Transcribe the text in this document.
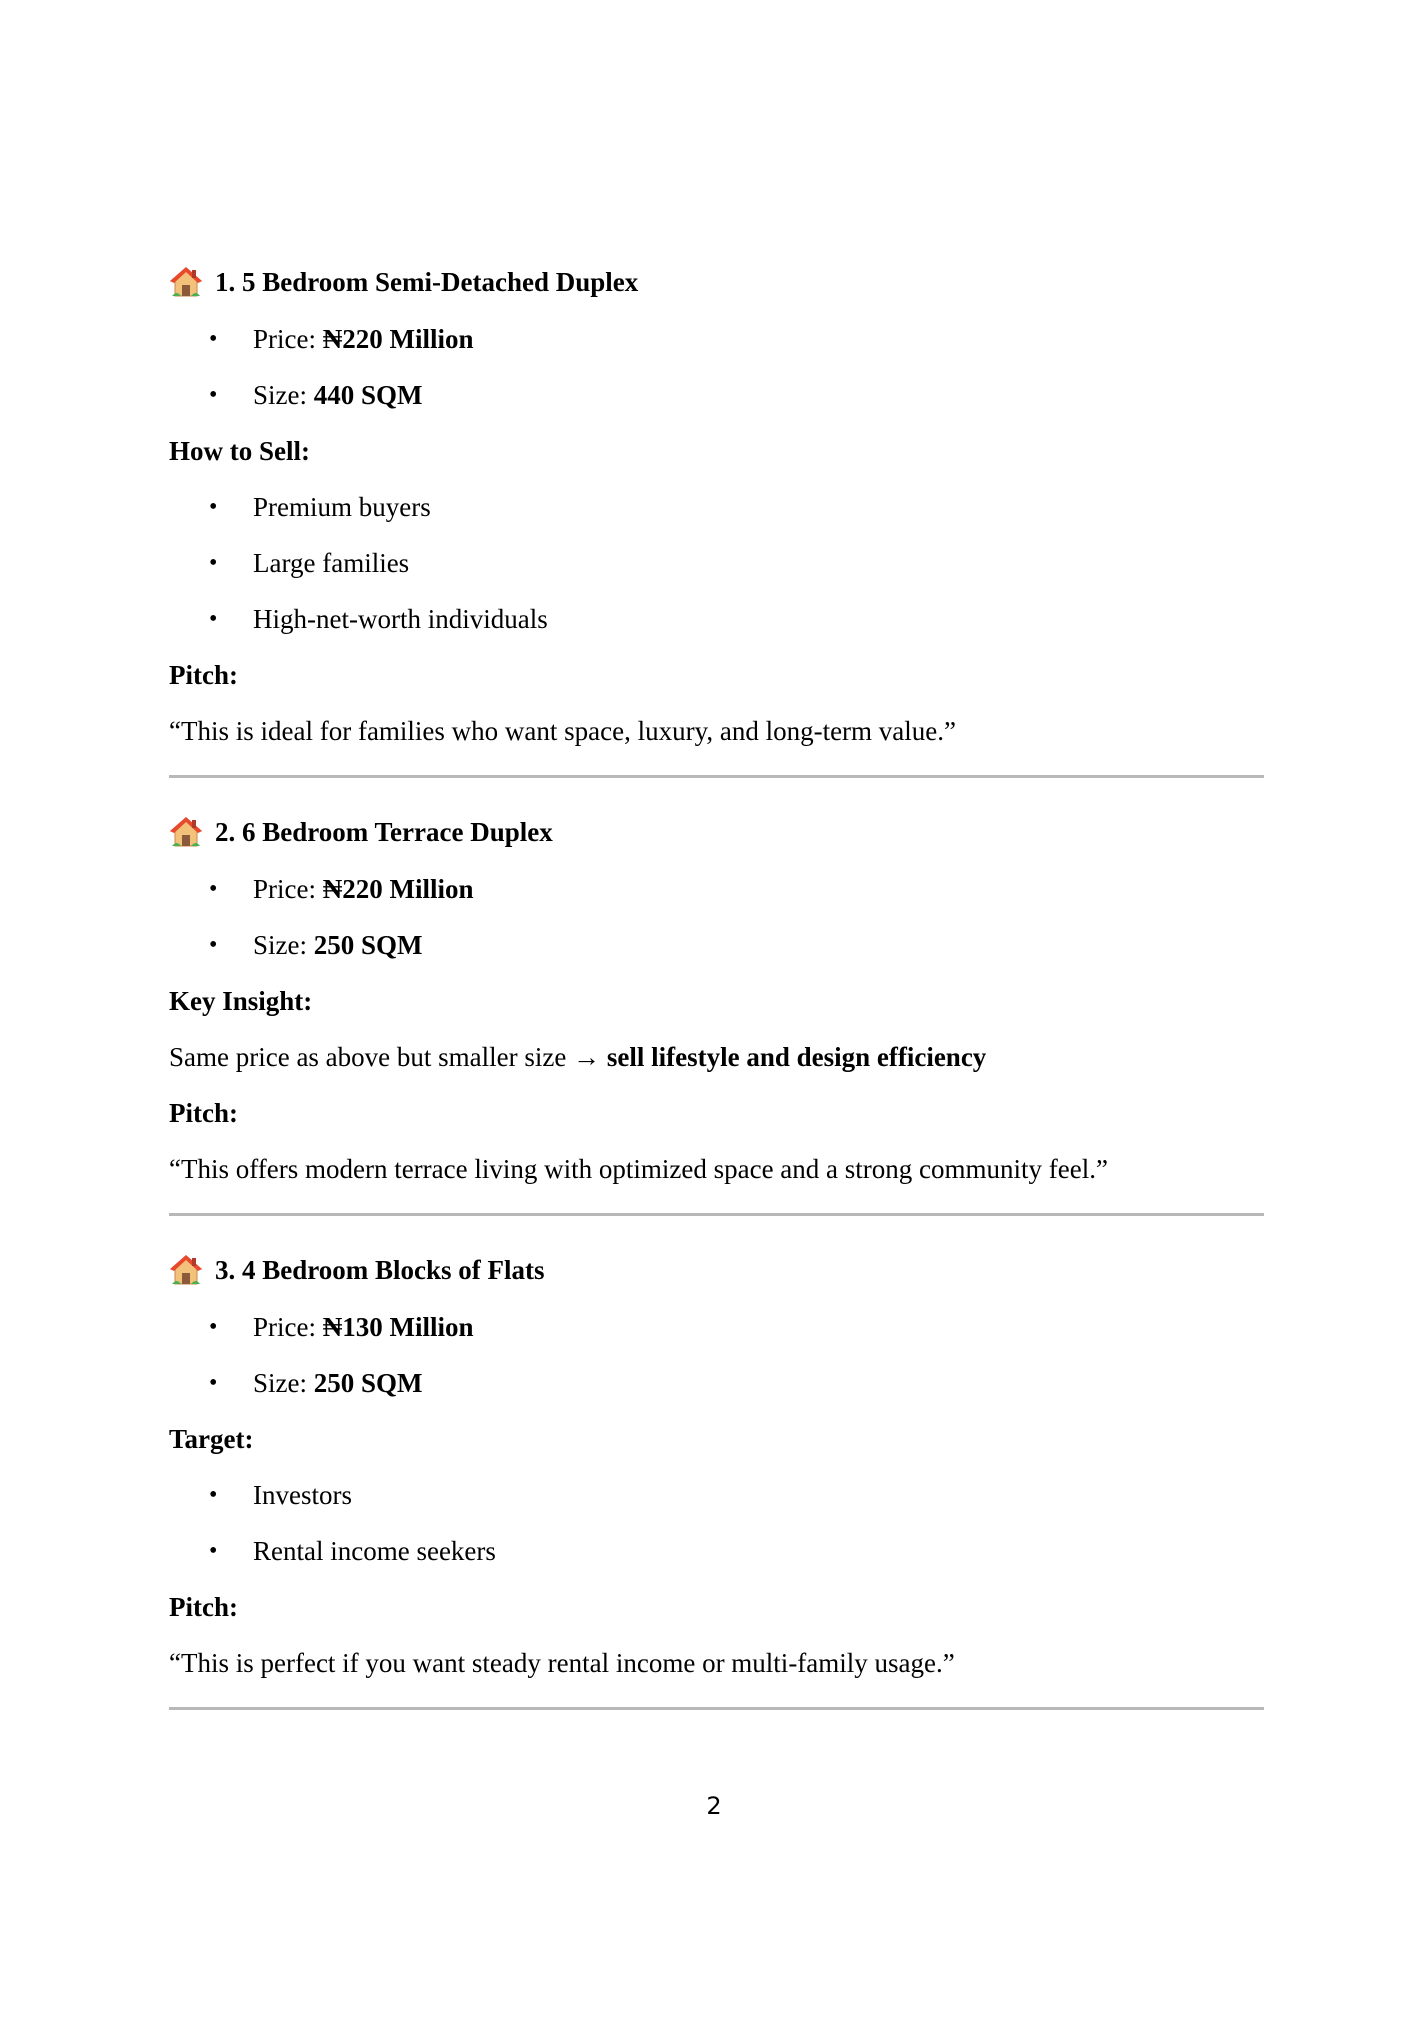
1. 5 Bedroom Semi-Detached Duplex
• Price: ₦220 Million
• Size: 440 SQM
How to Sell:
• Premium buyers
• Large families
• High-net-worth individuals
Pitch:
“This is ideal for families who want space, luxury, and long-term value.”
2. 6 Bedroom Terrace Duplex
• Price: ₦220 Million
• Size: 250 SQM
Key Insight:
Same price as above but smaller size → sell lifestyle and design efficiency
Pitch:
“This offers modern terrace living with optimized space and a strong community feel.”
3. 4 Bedroom Blocks of Flats
• Price: ₦130 Million
• Size: 250 SQM
Target:
• Investors
• Rental income seekers
Pitch:
“This is perfect if you want steady rental income or multi-family usage.”
2
